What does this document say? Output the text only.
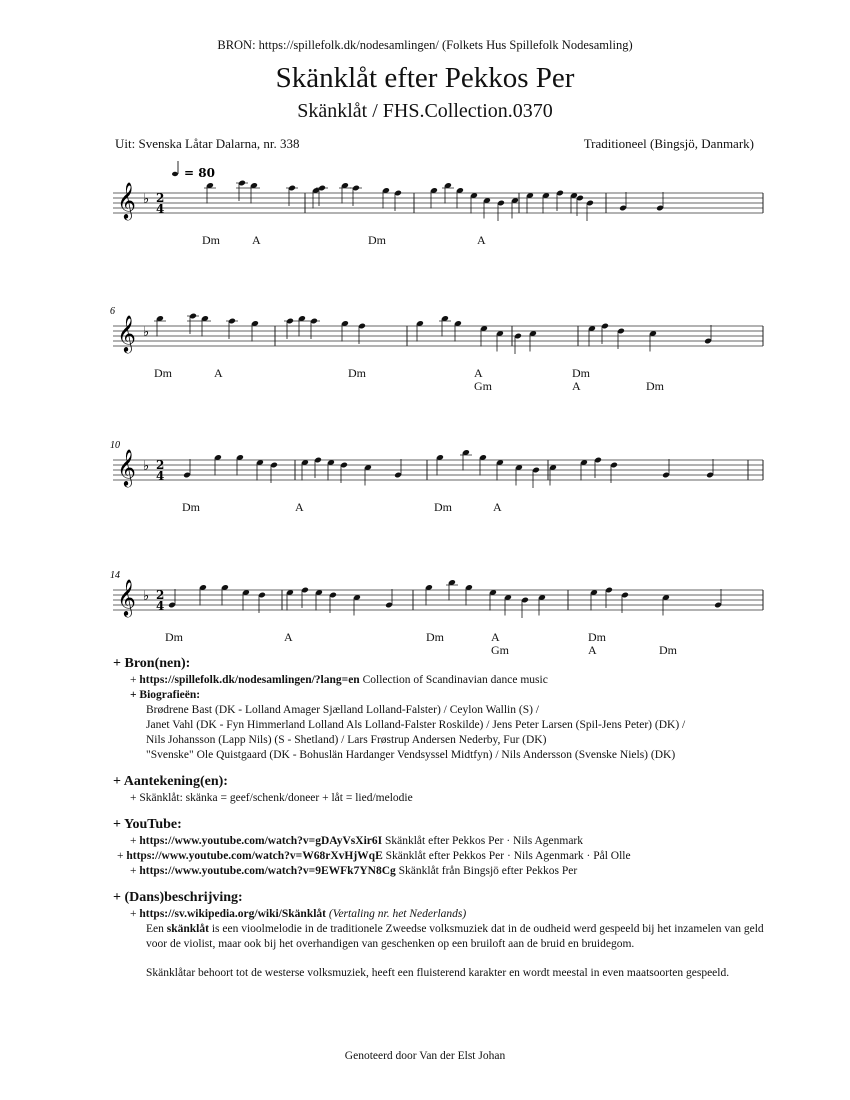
BRON: https://spillefolk.dk/nodesamlingen/ (Folkets Hus Spillefolk Nodesamling)
Skänklåt efter Pekkos Per
Skänklåt / FHS.Collection.0370
Uit: Svenska Låtar Dalarna, nr. 338	Traditioneel (Bingsjö, Danmark)
𝄞 ♭ 2
4
= 80
Dm	A	Dm	A
𝄞 ♭
6
Dm	A	Dm	A
Gm
Dm
A	Dm
𝄞 ♭ 2
4
10
Dm	A	Dm	A
𝄞 ♭ 2
4
14
Dm	A	Dm	A
Gm
Dm
A	Dm
+ Bron(nen):
+ https://spillefolk.dk/nodesamlingen/?lang=en Collection of Scandinavian dance music
+ Biografieën:
Brødrene Bast (DK - Lolland Amager Sjælland Lolland-Falster) / Ceylon Wallin (S) /
Janet Vahl (DK - Fyn Himmerland Lolland Als Lolland-Falster Roskilde) / Jens Peter Larsen (Spil-Jens Peter) (DK) /
Nils Johansson (Lapp Nils) (S - Shetland) / Lars Frøstrup Andersen Nederby, Fur (DK)
"Svenske" Ole Quistgaard (DK - Bohuslän Hardanger Vendsyssel Midtfyn) / Nils Andersson (Svenske Niels) (DK)
+ Aantekening(en):
+ Skänklåt: skänka = geef/schenk/doneer + låt = lied/melodie
+ YouTube:
+ https://www.youtube.com/watch?v=gDAyVsXir6I Skänklåt efter Pekkos Per · Nils Agenmark
+ https://www.youtube.com/watch?v=W68rXvHjWqE Skänklåt efter Pekkos Per · Nils Agenmark · Pål Olle
+ https://www.youtube.com/watch?v=9EWFk7YN8Cg Skänklåt från Bingsjö efter Pekkos Per
+ (Dans)beschrijving:
+ https://sv.wikipedia.org/wiki/Skänklåt (Vertaling nr. het Nederlands)
Een skänklåt is een vioolmelodie in de traditionele Zweedse volksmuziek dat in de oudheid werd gespeeld bij het inzamelen van geld voor de violist, maar ook bij het overhandigen van geschenken op een bruiloft aan de bruid en bruidegom.
Skänklåtar behoort tot de westerse volksmuziek, heeft een fluisterend karakter en wordt meestal in even maatsoorten gespeeld.
Genoteerd door Van der Elst Johan
